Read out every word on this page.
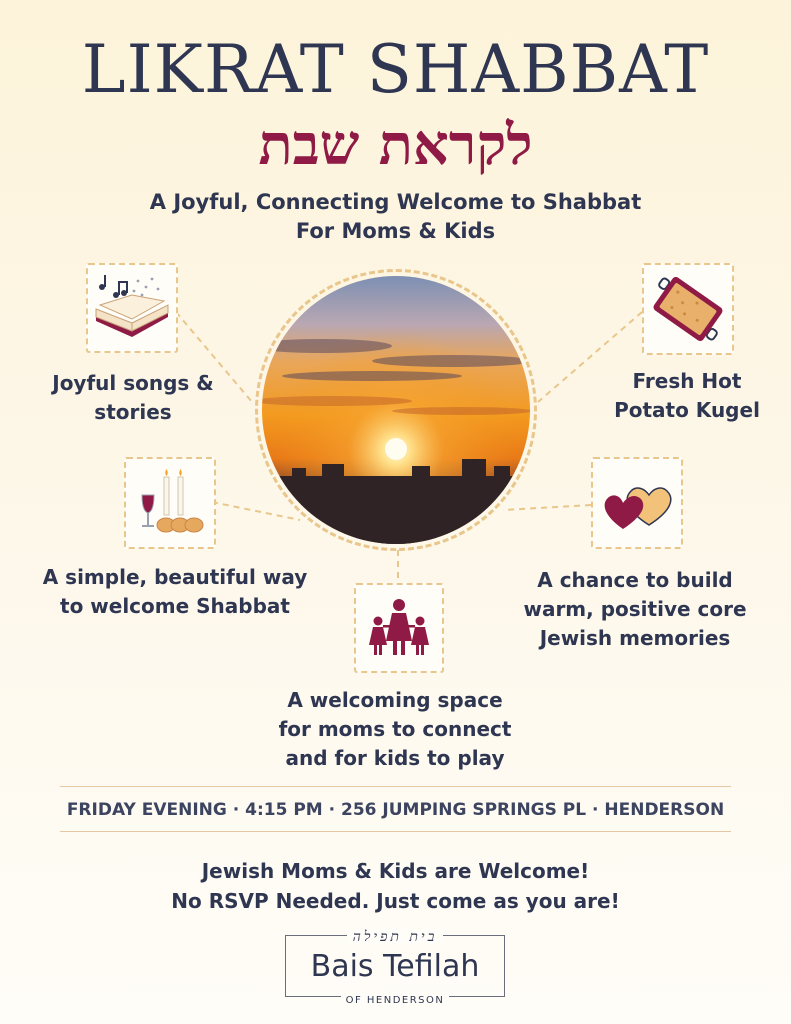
LIKRAT SHABBAT
לקראת שבת
A Joyful, Connecting Welcome to Shabbat
For Moms & Kids
Joyful songs &
stories
Fresh Hot
Potato Kugel
A simple, beautiful way
to welcome Shabbat
A chance to build
warm, positive core
Jewish memories
A welcoming space
for moms to connect
and for kids to play
FRIDAY EVENING · 4:15 PM · 256 JUMPING SPRINGS PL · HENDERSON
Jewish Moms & Kids are Welcome!
No RSVP Needed. Just come as you are!
בית תפילה
Bais Tefilah
OF HENDERSON
